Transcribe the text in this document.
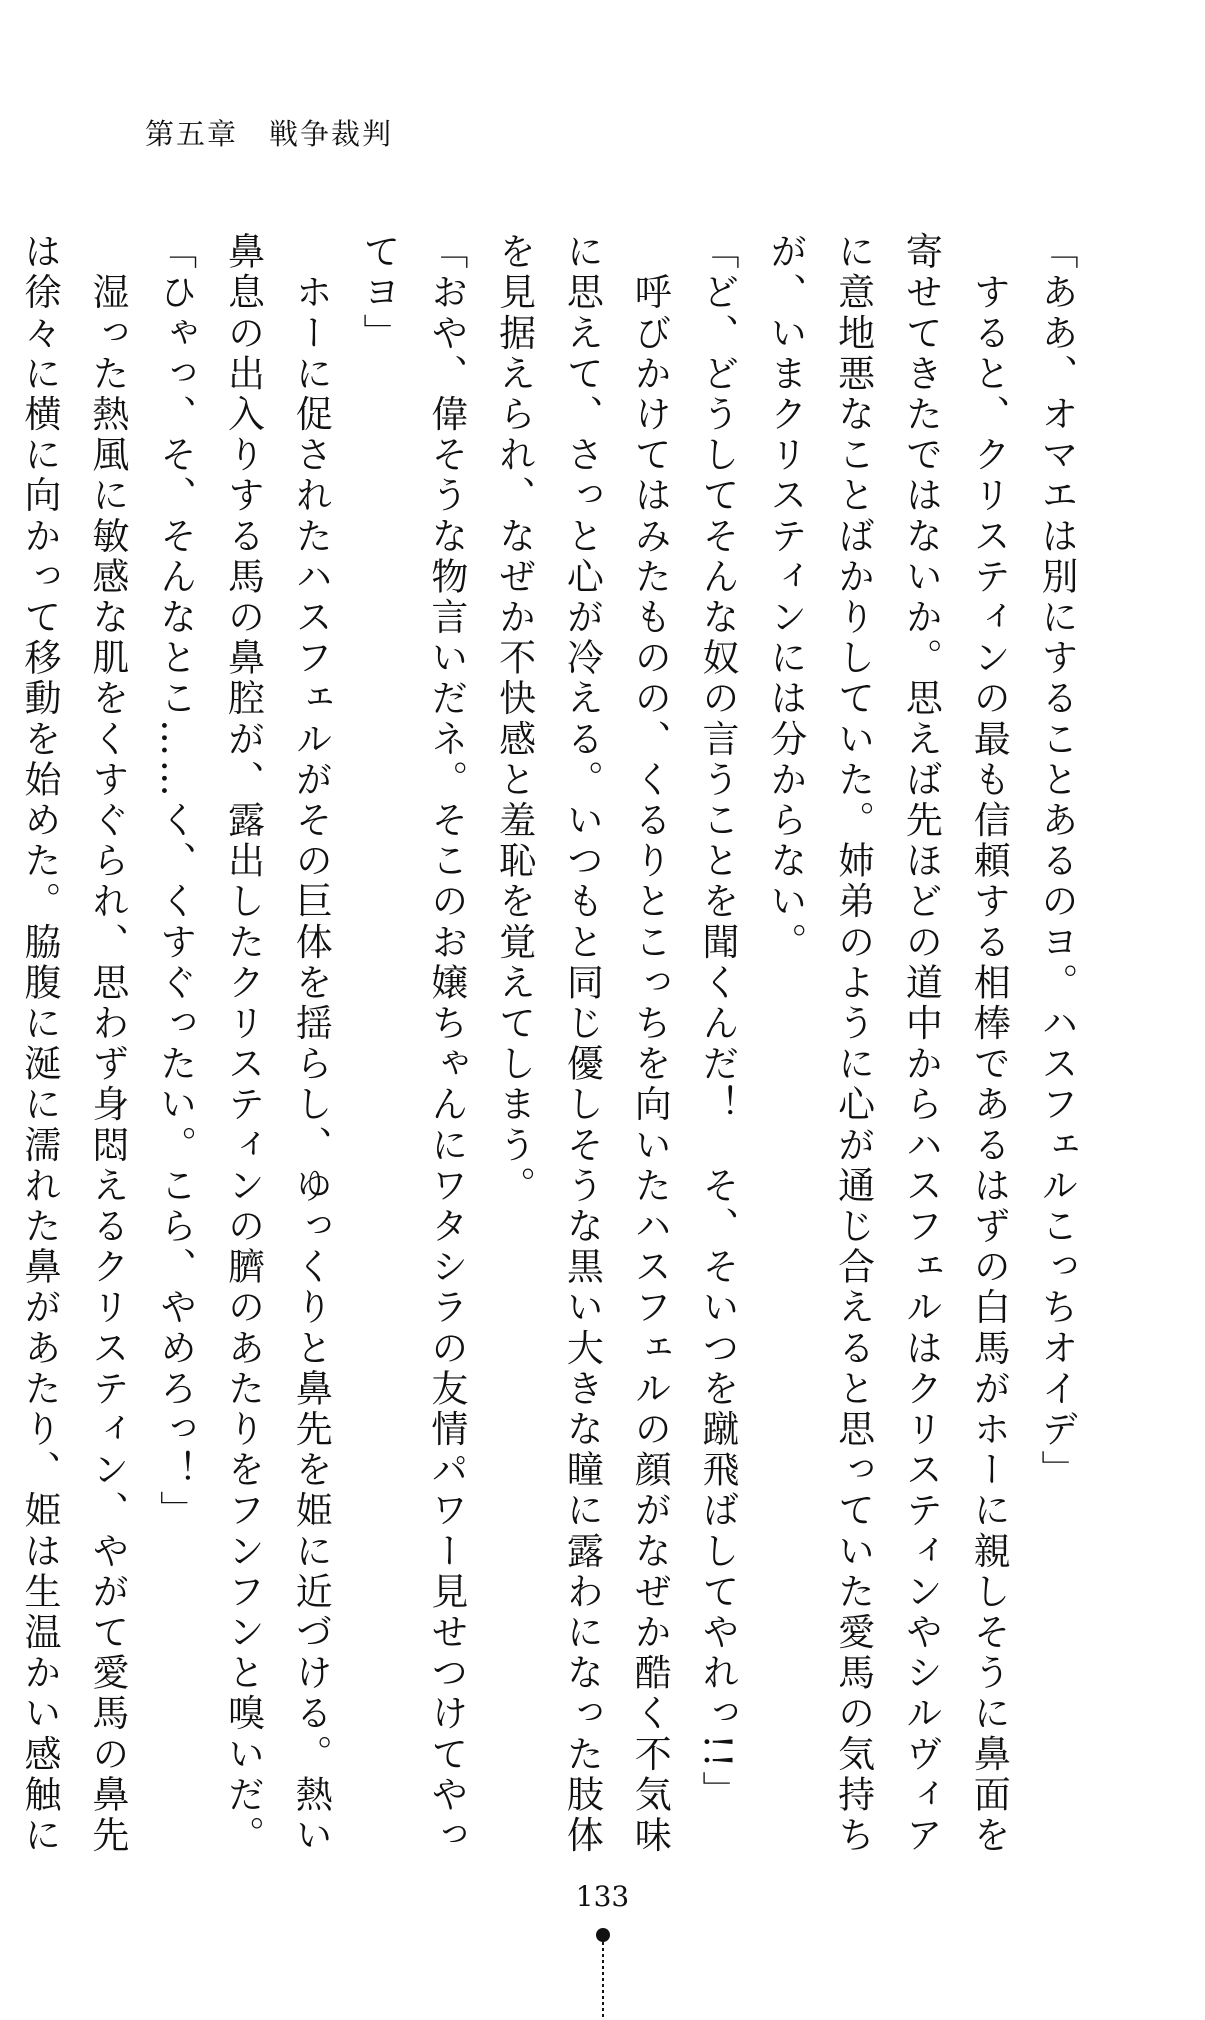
第五章　戦争裁判
「ああ、オマエは別にすることあるのヨ。ハスフェルこっちオイデ」
　すると、クリスティンの最も信頼する相棒であるはずの白馬がホーに親しそうに鼻面を
寄せてきたではないか。思えば先ほどの道中からハスフェルはクリスティンやシルヴィア
に意地悪なことばかりしていた。姉弟のように心が通じ合えると思っていた愛馬の気持ち
が、いまクリスティンには分からない。
「ど、どうしてそんな奴の言うことを聞くんだ！　そ、そいつを蹴飛ばしてやれっ!!」
　呼びかけてはみたものの、くるりとこっちを向いたハスフェルの顔がなぜか酷く不気味
に思えて、さっと心が冷える。いつもと同じ優しそうな黒い大きな瞳に露わになった肢体
を見据えられ、なぜか不快感と羞恥を覚えてしまう。
「おや、偉そうな物言いだネ。そこのお嬢ちゃんにワタシラの友情パワー見せつけてやっ
てヨ」
　ホーに促されたハスフェルがその巨体を揺らし、ゆっくりと鼻先を姫に近づける。熱い
鼻息の出入りする馬の鼻腔が、露出したクリスティンの臍のあたりをフンフンと嗅いだ。
「ひゃっ、そ、そんなとこ……く、くすぐったい。こら、やめろっ！」
　湿った熱風に敏感な肌をくすぐられ、思わず身悶えるクリスティン、やがて愛馬の鼻先
は徐々に横に向かって移動を始めた。脇腹に涎に濡れた鼻があたり、姫は生温かい感触に
133
